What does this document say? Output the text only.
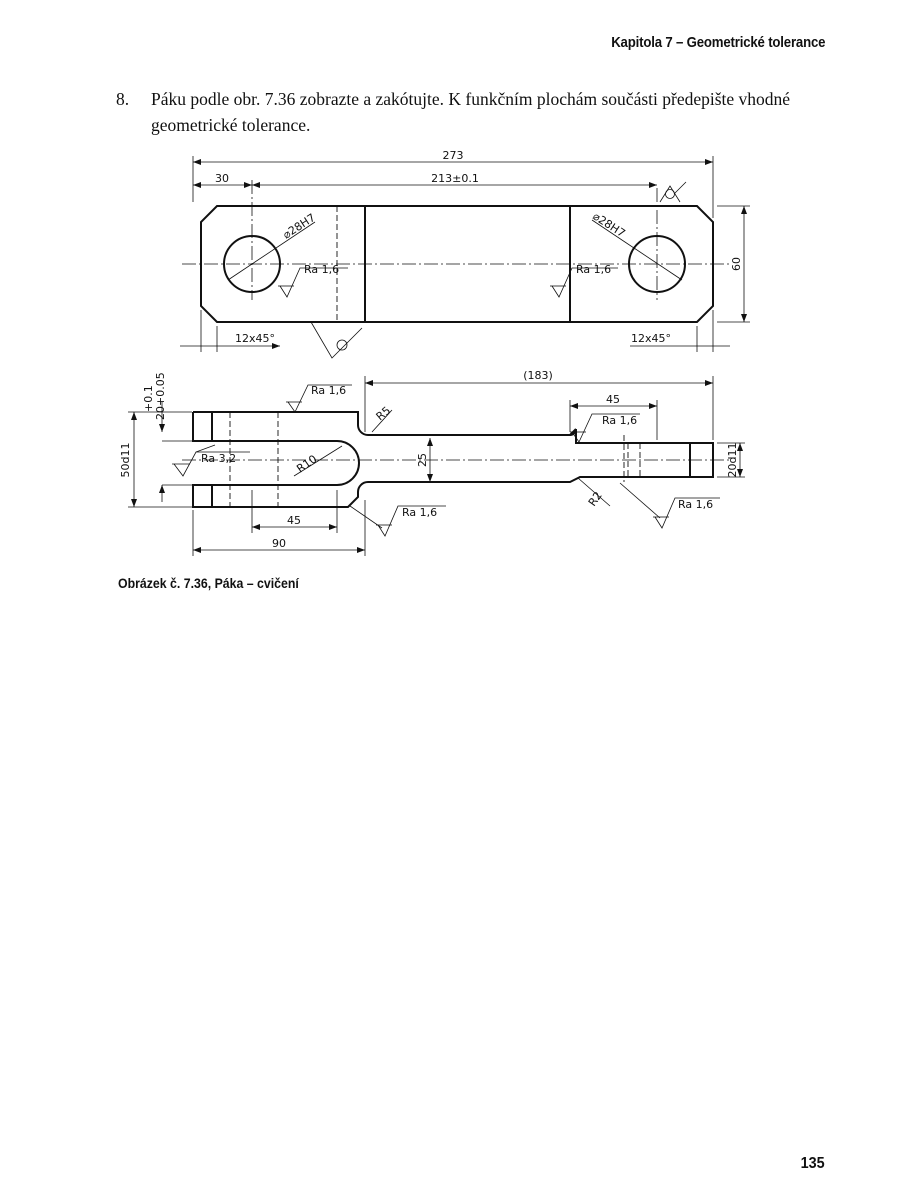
Kapitola 7 – Geometrické tolerance
8. Páku podle obr. 7.36 zobrazte a zakótujte. K funkčním plochám součásti předepište vhodné geometrické tolerance.
273
30	213±0.1
⌀28H7	⌀28H7
Ra 1,6	Ra 1,6	60
12x45°	12x45°
+0.1 20+0.05	Ra 1,6
(183)
R5
45
Ra 1,6
50d11	Ra 3,2	R10	25	20d11
R2	Ra 1,6
Ra 1,6
45
90
Obrázek č. 7.36, Páka – cvičení
135
